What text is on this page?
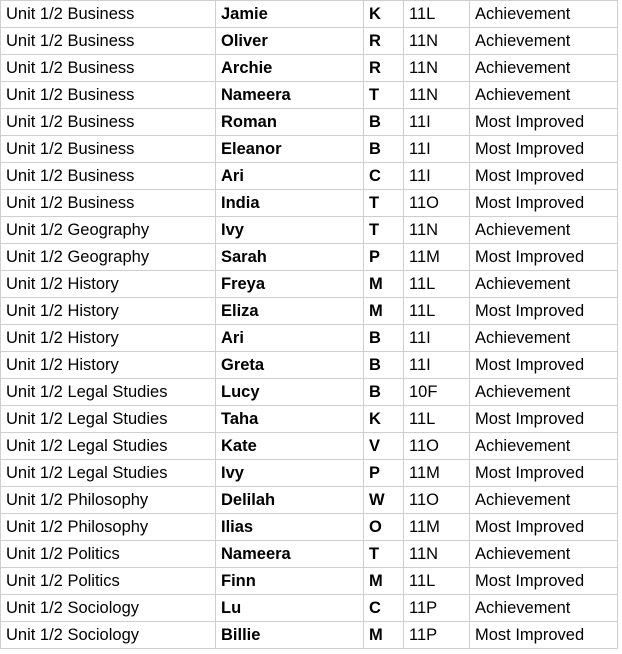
Unit 1/2 Business	Jamie	K	11L	Achievement
Unit 1/2 Business	Oliver	R	11N	Achievement
Unit 1/2 Business	Archie	R	11N	Achievement
Unit 1/2 Business	Nameera	T	11N	Achievement
Unit 1/2 Business	Roman	B	11I	Most Improved
Unit 1/2 Business	Eleanor	B	11I	Most Improved
Unit 1/2 Business	Ari	C	11I	Most Improved
Unit 1/2 Business	India	T	11O	Most Improved
Unit 1/2 Geography	Ivy	T	11N	Achievement
Unit 1/2 Geography	Sarah	P	11M	Most Improved
Unit 1/2 History	Freya	M	11L	Achievement
Unit 1/2 History	Eliza	M	11L	Most Improved
Unit 1/2 History	Ari	B	11I	Achievement
Unit 1/2 History	Greta	B	11I	Most Improved
Unit 1/2 Legal Studies	Lucy	B	10F	Achievement
Unit 1/2 Legal Studies	Taha	K	11L	Most Improved
Unit 1/2 Legal Studies	Kate	V	11O	Achievement
Unit 1/2 Legal Studies	Ivy	P	11M	Most Improved
Unit 1/2 Philosophy	Delilah	W	11O	Achievement
Unit 1/2 Philosophy	Ilias	O	11M	Most Improved
Unit 1/2 Politics	Nameera	T	11N	Achievement
Unit 1/2 Politics	Finn	M	11L	Most Improved
Unit 1/2 Sociology	Lu	C	11P	Achievement
Unit 1/2 Sociology	Billie	M	11P	Most Improved
